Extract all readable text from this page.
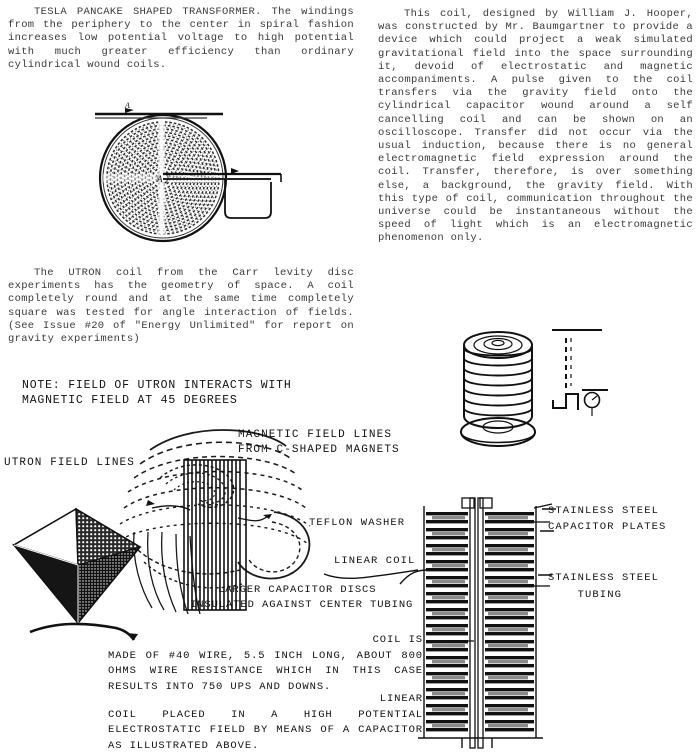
TESLA PANCAKE SHAPED TRANSFORMER. The windings from the periphery to the center in spiral fashion increases low potential voltage to high potential with much greater efficiency than ordinary cylindrical wound coils.
This coil, designed by William J. Hooper, was constructed by Mr. Baumgartner to provide a device which could project a weak simulated gravitational field into the space surrounding it, devoid of electrostatic and magnetic accompaniments. A pulse given to the coil transfers via the gravity field onto the cylindrical capacitor wound around a self cancelling coil and can be shown on an oscilloscope. Transfer did not occur via the usual induction, because there is no general electromagnetic field expression around the coil. Transfer, therefore, is over something else, a background, the gravity field. With this type of coil, communication throughout the universe could be instantaneous without the speed of light which is an electromagnetic phenomenon only.
A
A
The UTRON coil from the Carr levity disc experiments has the geometry of space. A coil completely round and at the same time completely square was tested for angle interaction of fields. (See Issue #20 of "Energy Unlimited" for report on gravity experiments)
NOTE: FIELD OF UTRON INTERACTS WITH MAGNETIC FIELD AT 45 DEGREES
UTRON FIELD LINES
MAGNETIC FIELD LINES
FROM C-SHAPED MAGNETS
TEFLON WASHER
LINEAR COIL
STAINLESS STEEL
CAPACITOR PLATES
STAINLESS STEEL
TUBING
LARGER CAPACITOR DISCS
INSULATED AGAINST CENTER TUBING
COIL IS
MADE OF #40 WIRE, 5.5 INCH LONG, ABOUT 800 OHMS WIRE RESISTANCE WHICH IN THIS CASE RESULTS INTO 750 UPS AND DOWNS.
LINEAR
COIL PLACED IN A HIGH POTENTIAL ELECTROSTATIC FIELD BY MEANS OF A CAPACITOR AS ILLUSTRATED ABOVE.
